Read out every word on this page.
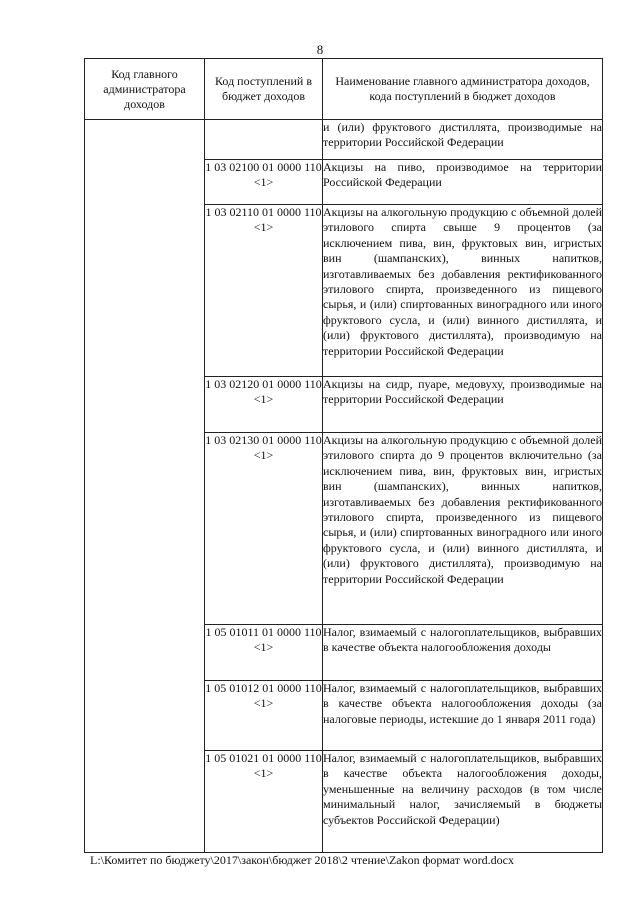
8
Код главного администратора доходов	Код поступлений в бюджет доходов	Наименование главного администратора доходов, кода поступлений в бюджет доходов
		и (или) фруктового дистиллята, производимые на территории Российской Федерации
	1 03 02100 01 0000 110 <1>	Акцизы на пиво, производимое на территории Российской Федерации
	1 03 02110 01 0000 110 <1>	Акцизы на алкогольную продукцию с объемной долей этилового спирта свыше 9 процентов (за исключением пива, вин, фруктовых вин, игристых вин (шампанских), винных напитков, изготавливаемых без добавления ректификованного этилового спирта, произведенного из пищевого сырья, и (или) спиртованных виноградного или иного фруктового сусла, и (или) винного дистиллята, и (или) фруктового дистиллята), производимую на территории Российской Федерации
	1 03 02120 01 0000 110 <1>	Акцизы на сидр, пуаре, медовуху, производимые на территории Российской Федерации
	1 03 02130 01 0000 110 <1>	Акцизы на алкогольную продукцию с объемной долей этилового спирта до 9 процентов включительно (за исключением пива, вин, фруктовых вин, игристых вин (шампанских), винных напитков, изготавливаемых без добавления ректификованного этилового спирта, произведенного из пищевого сырья, и (или) спиртованных виноградного или иного фруктового сусла, и (или) винного дистиллята, и (или) фруктового дистиллята), производимую на территории Российской Федерации
	1 05 01011 01 0000 110 <1>	Налог, взимаемый с налогоплательщиков, выбравших в качестве объекта налогообложения доходы
	1 05 01012 01 0000 110 <1>	Налог, взимаемый с налогоплательщиков, выбравших в качестве объекта налогообложения доходы (за налоговые периоды, истекшие до 1 января 2011 года)
	1 05 01021 01 0000 110 <1>	Налог, взимаемый с налогоплательщиков, выбравших в качестве объекта налогообложения доходы, уменьшенные на величину расходов (в том числе минимальный налог, зачисляемый в бюджеты субъектов Российской Федерации)
L:\Комитет по бюджету\2017\закон\бюджет 2018\2 чтение\Zakon формат word.docx
